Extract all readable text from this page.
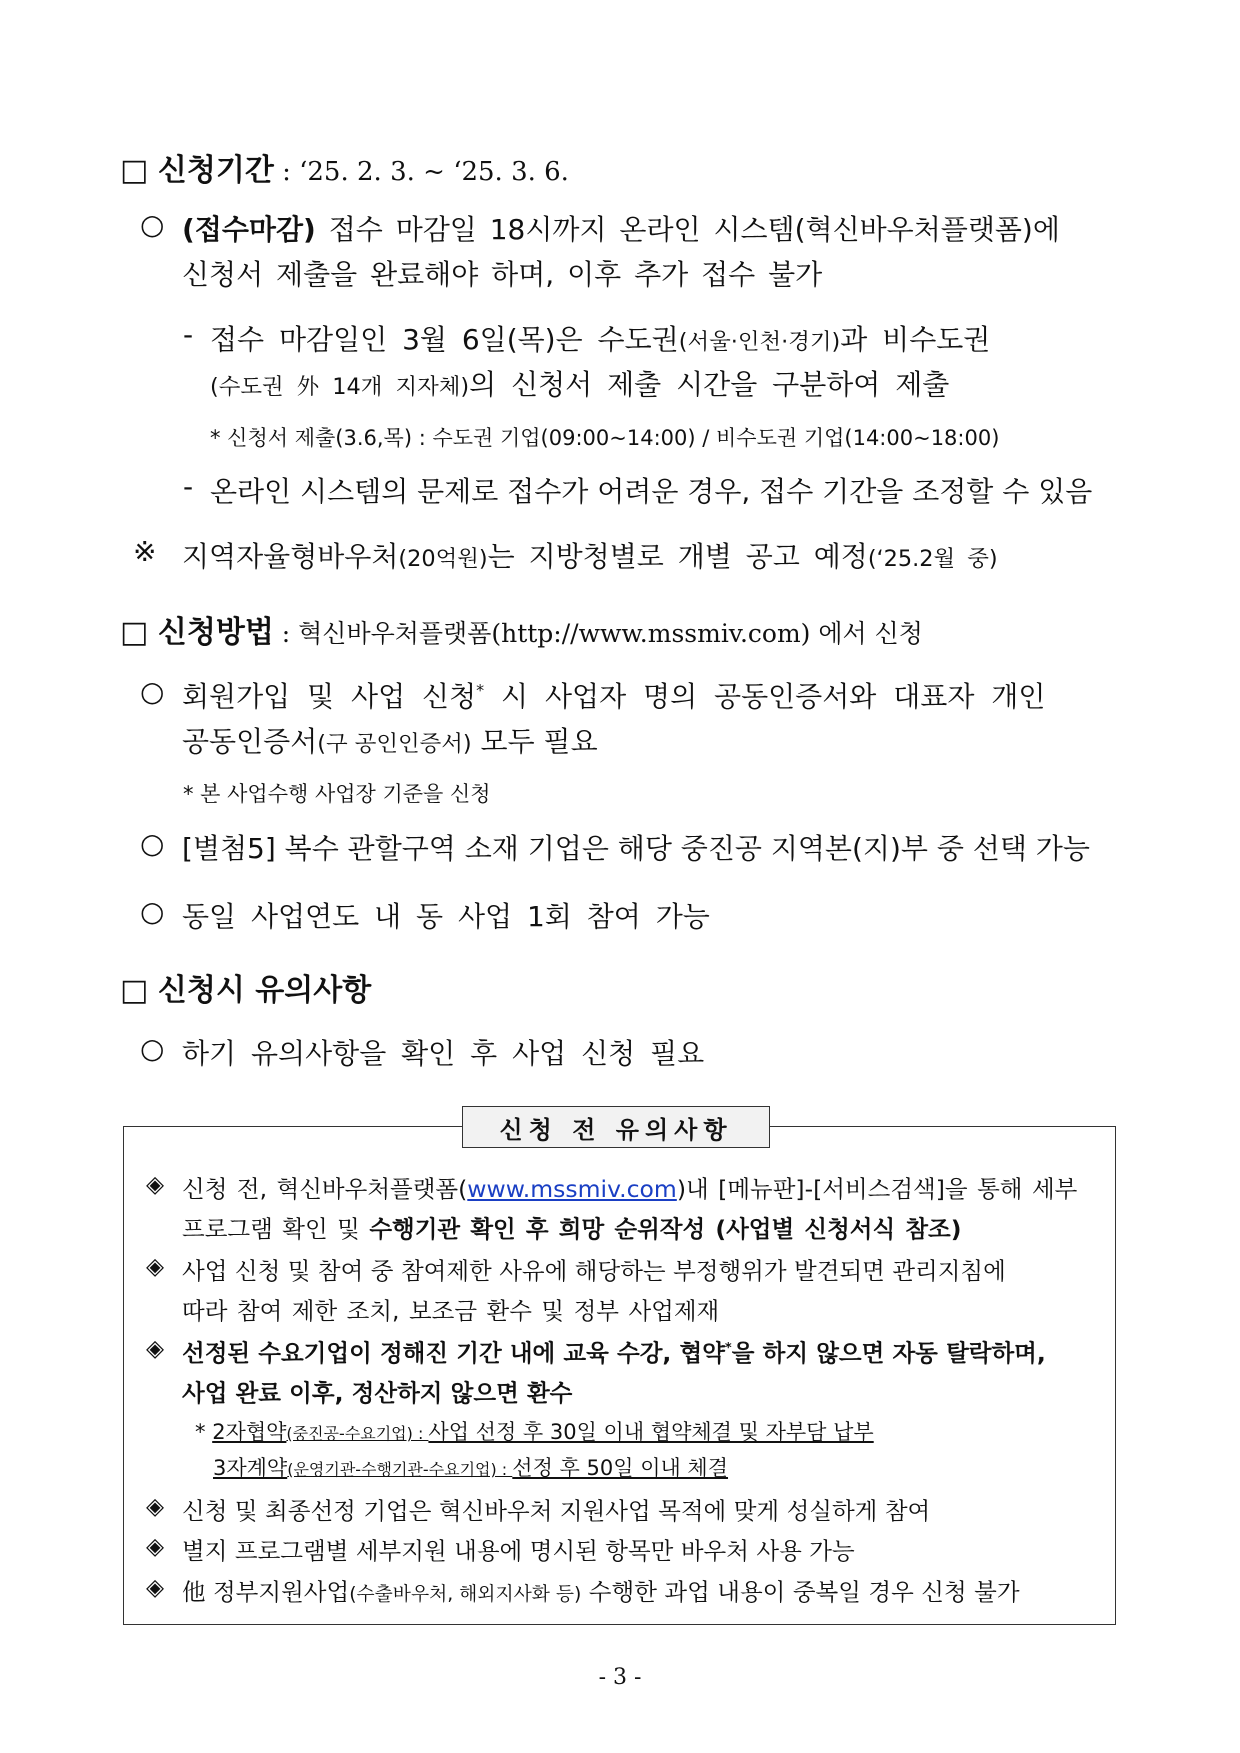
□ 신청기간 : ‘25. 2. 3. ~ ‘25. 3. 6.
○ (접수마감) 접수 마감일 18시까지 온라인 시스템(혁신바우처플랫폼)에
신청서 제출을 완료해야 하며, 이후 추가 접수 불가
- 접수 마감일인 3월 6일(목)은 수도권(서울·인천·경기)과 비수도권
(수도권 外 14개 지자체)의 신청서 제출 시간을 구분하여 제출
* 신청서 제출(3.6,목) : 수도권 기업(09:00~14:00) / 비수도권 기업(14:00~18:00)
- 온라인 시스템의 문제로 접수가 어려운 경우, 접수 기간을 조정할 수 있음
※ 지역자율형바우처(20억원)는 지방청별로 개별 공고 예정(‘25.2월 중)
□ 신청방법 : 혁신바우처플랫폼(http://www.mssmiv.com) 에서 신청
○ 회원가입 및 사업 신청* 시 사업자 명의 공동인증서와 대표자 개인
공동인증서(구 공인인증서) 모두 필요
* 본 사업수행 사업장 기준을 신청
○ [별첨5] 복수 관할구역 소재 기업은 해당 중진공 지역본(지)부 중 선택 가능
○ 동일 사업연도 내 동 사업 1회 참여 가능
□ 신청시 유의사항
○ 하기 유의사항을 확인 후 사업 신청 필요
신청 전 유의사항
◈ 신청 전, 혁신바우처플랫폼(www.mssmiv.com)내 [메뉴판]-[서비스검색]을 통해 세부
프로그램 확인 및 수행기관 확인 후 희망 순위작성 (사업별 신청서식 참조)
◈ 사업 신청 및 참여 중 참여제한 사유에 해당하는 부정행위가 발견되면 관리지침에
따라 참여 제한 조치, 보조금 환수 및 정부 사업제재
◈ 선정된 수요기업이 정해진 기간 내에 교육 수강, 협약*을 하지 않으면 자동 탈락하며,
사업 완료 이후, 정산하지 않으면 환수
* 2자협약(중진공-수요기업) : 사업 선정 후 30일 이내 협약체결 및 자부담 납부
3자계약(운영기관-수행기관-수요기업) : 선정 후 50일 이내 체결
◈ 신청 및 최종선정 기업은 혁신바우처 지원사업 목적에 맞게 성실하게 참여
◈ 별지 프로그램별 세부지원 내용에 명시된 항목만 바우처 사용 가능
◈ 他 정부지원사업(수출바우처, 해외지사화 등) 수행한 과업 내용이 중복일 경우 신청 불가
- 3 -
